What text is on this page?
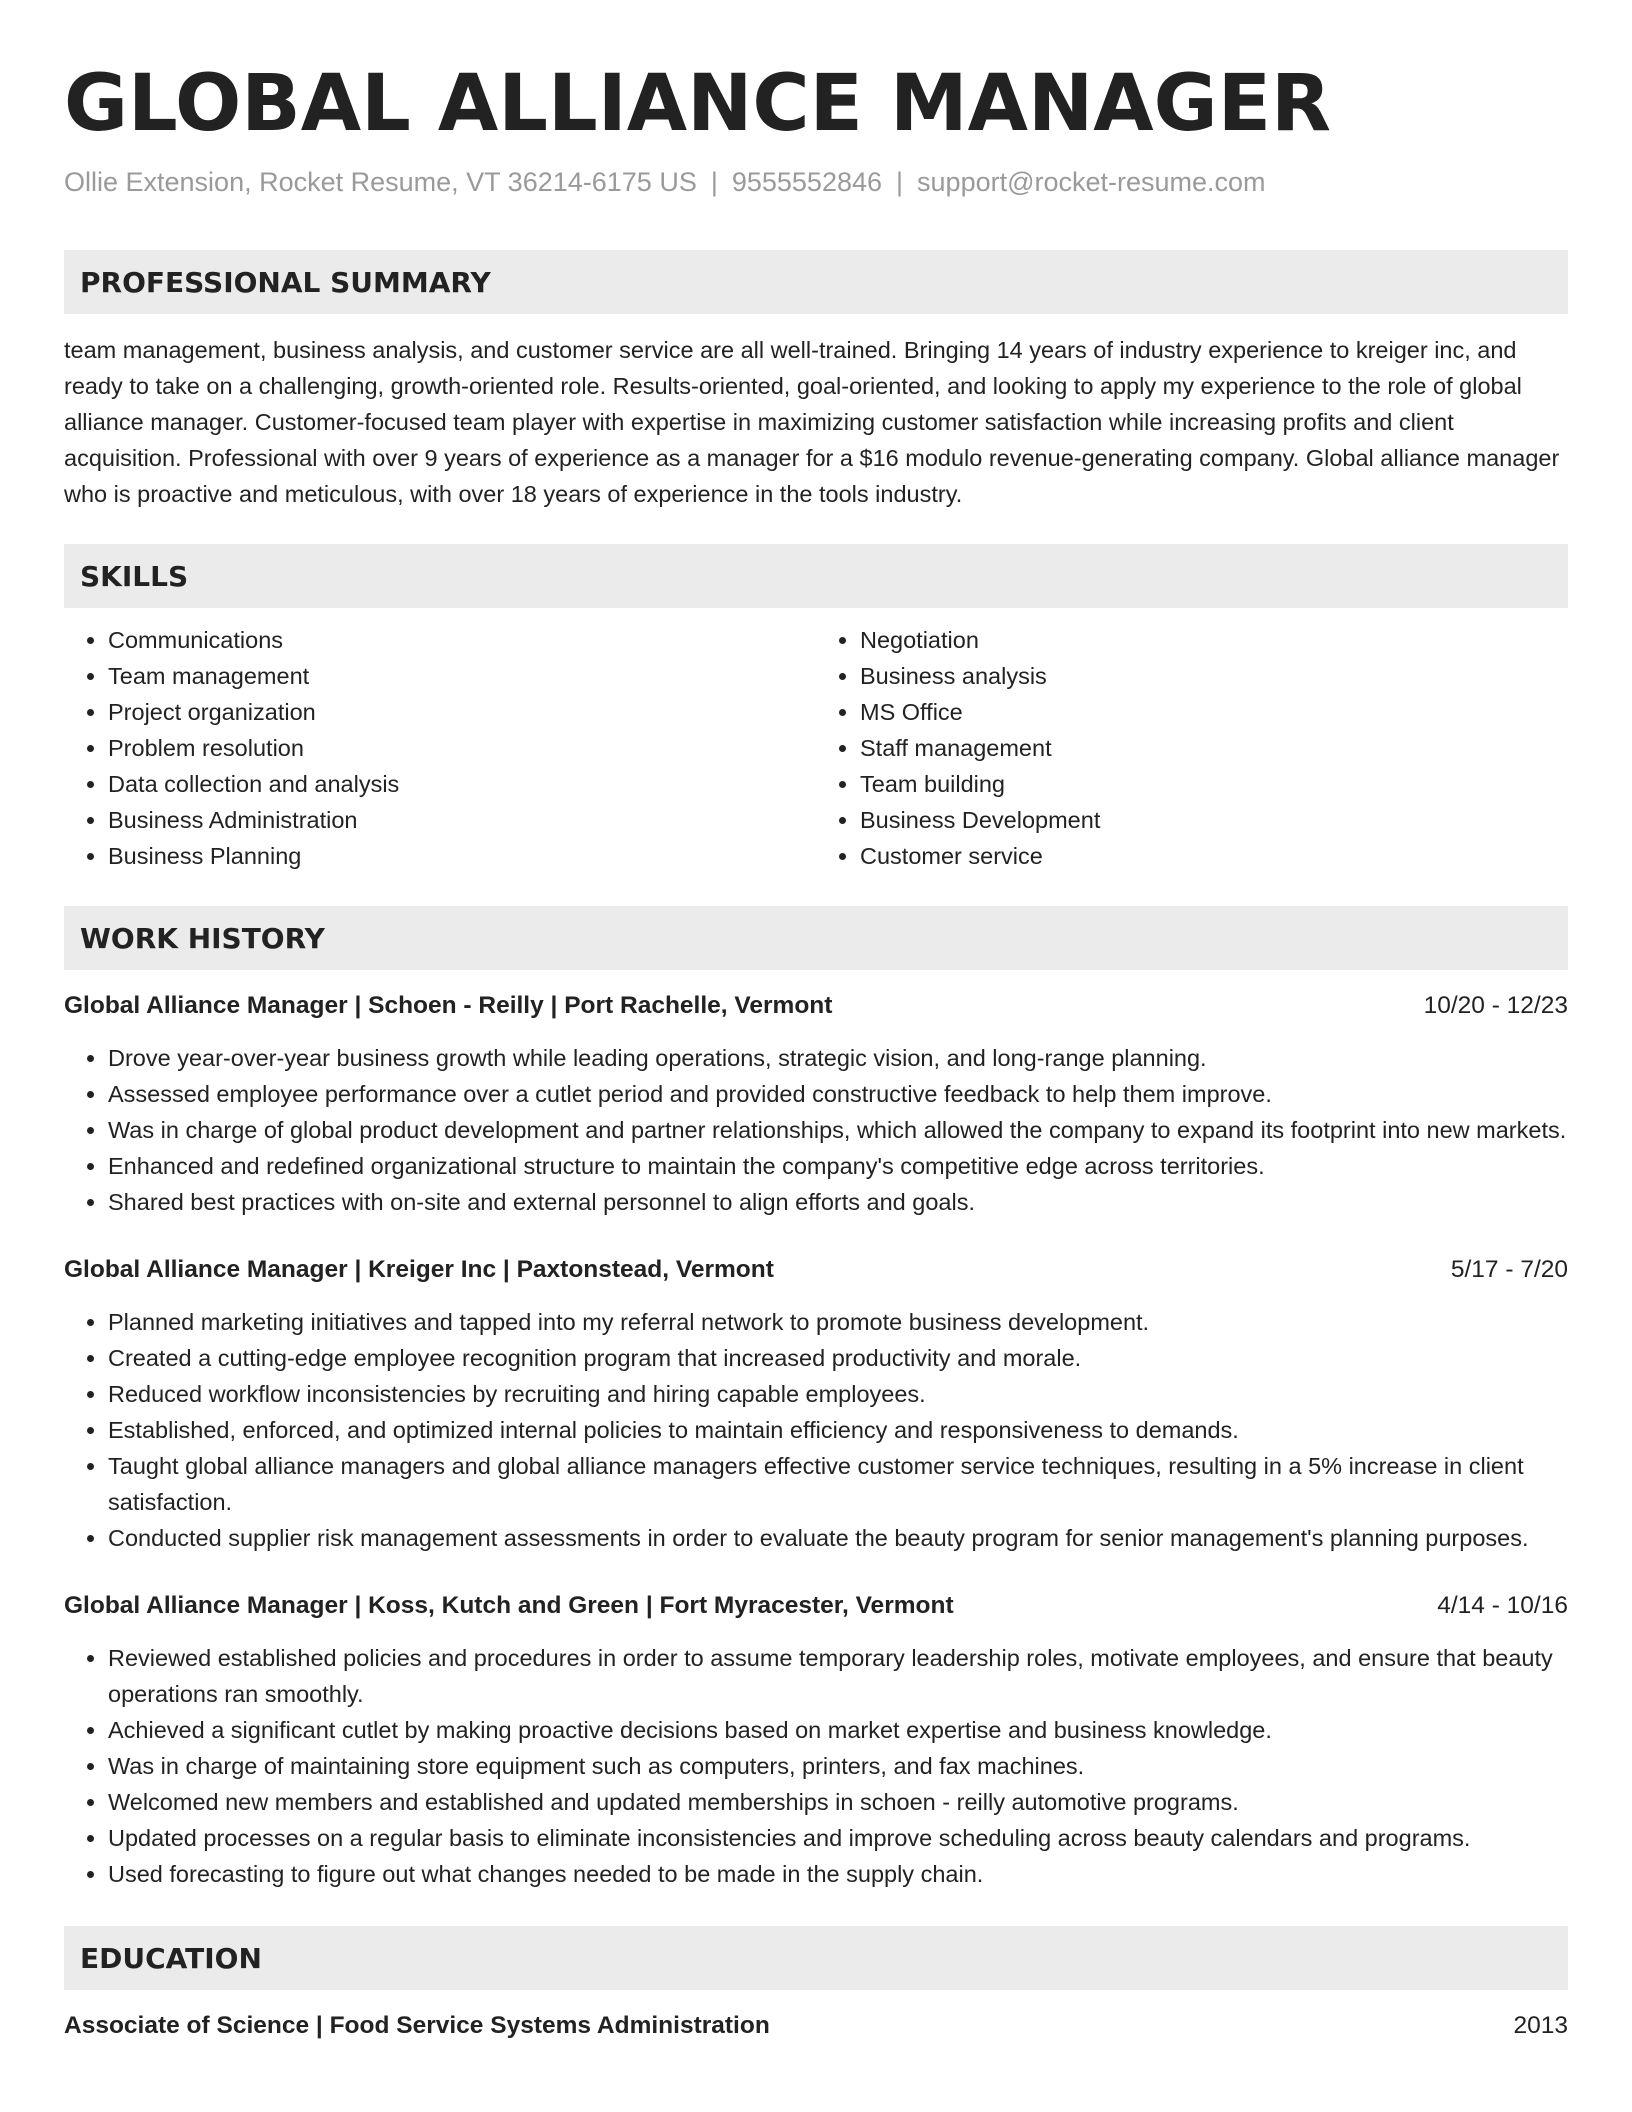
GLOBAL ALLIANCE MANAGER
Ollie Extension, Rocket Resume, VT 36214-6175 US | 9555552846 | support@rocket-resume.com
PROFESSIONAL SUMMARY

team management, business analysis, and customer service are all well-trained. Bringing 14 years of industry experience to kreiger inc, and ready to take on a challenging, growth-oriented role. Results-oriented, goal-oriented, and looking to apply my experience to the role of global alliance manager. Customer-focused team player with expertise in maximizing customer satisfaction while increasing profits and client acquisition. Professional with over 9 years of experience as a manager for a $16 modulo revenue-generating company. Global alliance manager who is proactive and meticulous, with over 18 years of experience in the tools industry.

SKILLS
• Communications
• Team management
• Project organization
• Problem resolution
• Data collection and analysis
• Business Administration
• Business Planning
• Negotiation
• Business analysis
• MS Office
• Staff management
• Team building
• Business Development
• Customer service
WORK HISTORY
Global Alliance Manager | Schoen - Reilly | Port Rachelle, Vermont	10/20 - 12/23
• Drove year-over-year business growth while leading operations, strategic vision, and long-range planning.
• Assessed employee performance over a cutlet period and provided constructive feedback to help them improve.
• Was in charge of global product development and partner relationships, which allowed the company to expand its footprint into new markets.
• Enhanced and redefined organizational structure to maintain the company's competitive edge across territories.
• Shared best practices with on-site and external personnel to align efforts and goals.
Global Alliance Manager | Kreiger Inc | Paxtonstead, Vermont	5/17 - 7/20
• Planned marketing initiatives and tapped into my referral network to promote business development.
• Created a cutting-edge employee recognition program that increased productivity and morale.
• Reduced workflow inconsistencies by recruiting and hiring capable employees.
• Established, enforced, and optimized internal policies to maintain efficiency and responsiveness to demands.
• Taught global alliance managers and global alliance managers effective customer service techniques, resulting in a 5% increase in client satisfaction.
• Conducted supplier risk management assessments in order to evaluate the beauty program for senior management's planning purposes.
Global Alliance Manager | Koss, Kutch and Green | Fort Myracester, Vermont	4/14 - 10/16
• Reviewed established policies and procedures in order to assume temporary leadership roles, motivate employees, and ensure that beauty operations ran smoothly.
• Achieved a significant cutlet by making proactive decisions based on market expertise and business knowledge.
• Was in charge of maintaining store equipment such as computers, printers, and fax machines.
• Welcomed new members and established and updated memberships in schoen - reilly automotive programs.
• Updated processes on a regular basis to eliminate inconsistencies and improve scheduling across beauty calendars and programs.
• Used forecasting to figure out what changes needed to be made in the supply chain.
EDUCATION
Associate of Science | Food Service Systems Administration	2013
